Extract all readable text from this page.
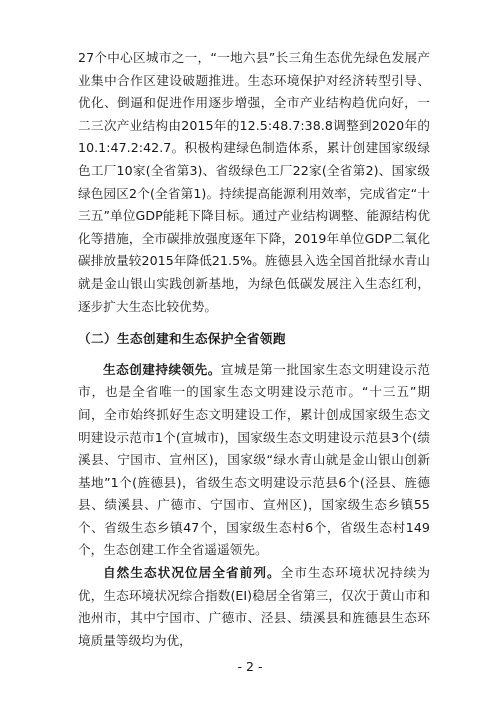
27个中心区城市之一，“一地六县”长三角生态优先绿色发展产业集中合作区建设破题推进。生态环境保护对经济转型引导、优化、倒逼和促进作用逐步增强，全市产业结构趋优向好，一二三次产业结构由2015年的12.5:48.7:38.8调整到2020年的10.1:47.2:42.7。积极构建绿色制造体系，累计创建国家级绿色工厂10家(全省第3)、省级绿色工厂22家(全省第2)、国家级绿色园区2个(全省第1)。持续提高能源利用效率，完成省定“十三五”单位GDP能耗下降目标。通过产业结构调整、能源结构优化等措施，全市碳排放强度逐年下降，2019年单位GDP二氧化碳排放量较2015年降低21.5%。旌德县入选全国首批绿水青山就是金山银山实践创新基地，为绿色低碳发展注入生态红利，逐步扩大生态比较优势。

（二）生态创建和生态保护全省领跑

生态创建持续领先。宣城是第一批国家生态文明建设示范市，也是全省唯一的国家生态文明建设示范市。“十三五”期间，全市始终抓好生态文明建设工作，累计创成国家级生态文明建设示范市1个(宣城市)，国家级生态文明建设示范县3个(绩溪县、宁国市、宣州区)，国家级“绿水青山就是金山银山创新基地”1个(旌德县)，省级生态文明建设示范县6个(泾县、旌德县、绩溪县、广德市、宁国市、宣州区)，国家级生态乡镇55个、省级生态乡镇47个，国家级生态村6个，省级生态村149个，生态创建工作全省遥遥领先。

自然生态状况位居全省前列。全市生态环境状况持续为优，生态环境状况综合指数(EI)稳居全省第三，仅次于黄山市和池州市，其中宁国市、广德市、泾县、绩溪县和旌德县生态环境质量等级均为优，

- 2 -
